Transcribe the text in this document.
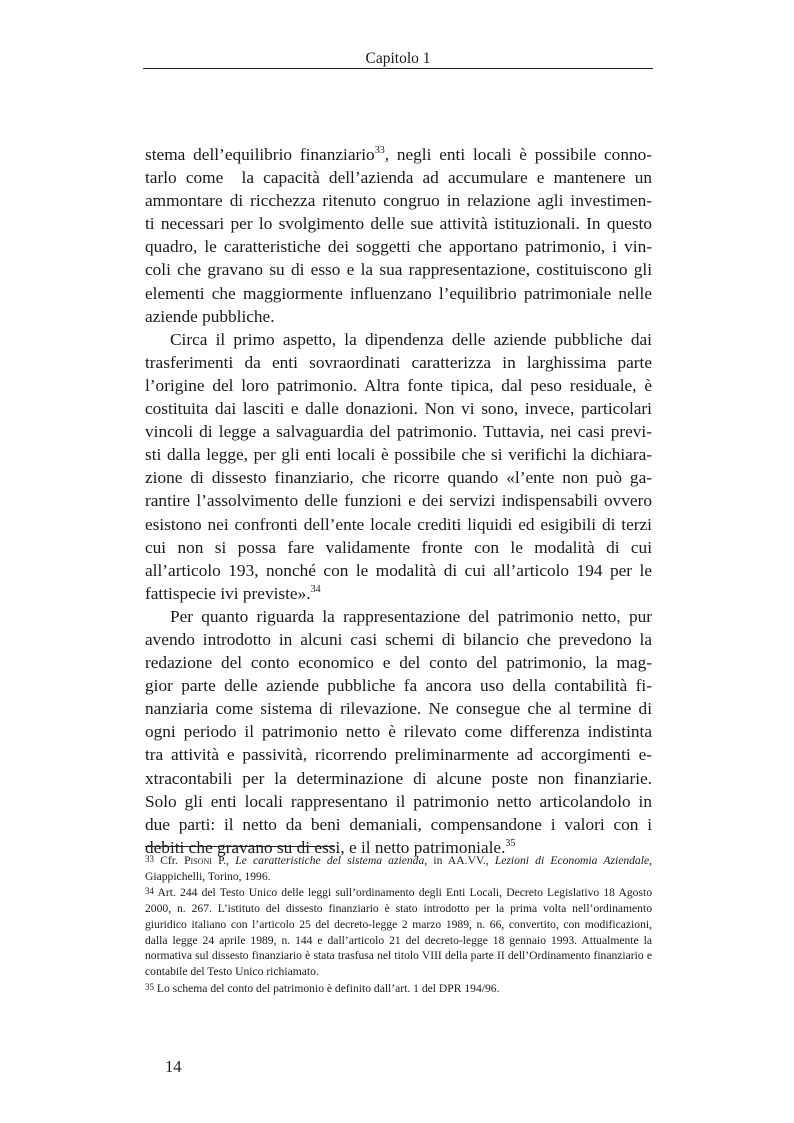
Capitolo 1

stema dell’equilibrio finanziario$^{33}$, negli enti locali è possibile conno-
tarlo come  la capacità dell’azienda ad accumulare e mantenere un
ammontare di ricchezza ritenuto congruo in relazione agli investimen-
ti necessari per lo svolgimento delle sue attività istituzionali. In questo
quadro, le caratteristiche dei soggetti che apportano patrimonio, i vin-
coli che gravano su di esso e la sua rappresentazione, costituiscono gli
elementi che maggiormente influenzano l’equilibrio patrimoniale nelle
aziende pubbliche.

Circa il primo aspetto, la dipendenza delle aziende pubbliche dai
trasferimenti da enti sovraordinati caratterizza in larghissima parte
l’origine del loro patrimonio. Altra fonte tipica, dal peso residuale, è
costituita dai lasciti e dalle donazioni. Non vi sono, invece, particolari
vincoli di legge a salvaguardia del patrimonio. Tuttavia, nei casi previ-
sti dalla legge, per gli enti locali è possibile che si verifichi la dichiara-
zione di dissesto finanziario, che ricorre quando «l’ente non può ga-
rantire l’assolvimento delle funzioni e dei servizi indispensabili ovvero
esistono nei confronti dell’ente locale crediti liquidi ed esigibili di terzi
cui non si possa fare validamente fronte con le modalità di cui
all’articolo 193, nonché con le modalità di cui all’articolo 194 per le
fattispecie ivi previste».$^{34}$

Per quanto riguarda la rappresentazione del patrimonio netto, pur
avendo introdotto in alcuni casi schemi di bilancio che prevedono la
redazione del conto economico e del conto del patrimonio, la mag-
gior parte delle aziende pubbliche fa ancora uso della contabilità fi-
nanziaria come sistema di rilevazione. Ne consegue che al termine di
ogni periodo il patrimonio netto è rilevato come differenza indistinta
tra attività e passività, ricorrendo preliminarmente ad accorgimenti e-
xtracontabili per la determinazione di alcune poste non finanziarie.
Solo gli enti locali rappresentano il patrimonio netto articolandolo in
due parti: il netto da beni demaniali, compensandone i valori con i
debiti che gravano su di essi, e il netto patrimoniale.$^{35}$

33 Cfr. Pisoni P., Le caratteristiche del sistema azienda, in AA.VV., Lezioni di Economia Aziendale, Giappichelli, Torino, 1996.

34 Art. 244 del Testo Unico delle leggi sull’ordinamento degli Enti Locali, Decreto Legislativo 18 Agosto 2000, n. 267. L’istituto del dissesto finanziario è stato introdotto per la prima volta nell’ordinamento giuridico italiano con l’articolo 25 del decreto-legge 2 marzo 1989, n. 66, convertito, con modificazioni, dalla legge 24 aprile 1989, n. 144 e dall’articolo 21 del decreto-legge 18 gennaio 1993. Attualmente la normativa sul dissesto finanziario è stata trasfusa nel titolo VIII della parte II dell’Ordinamento finanziario e contabile del Testo Unico richiamato.

35 Lo schema del conto del patrimonio è definito dall’art. 1 del DPR 194/96.

14
